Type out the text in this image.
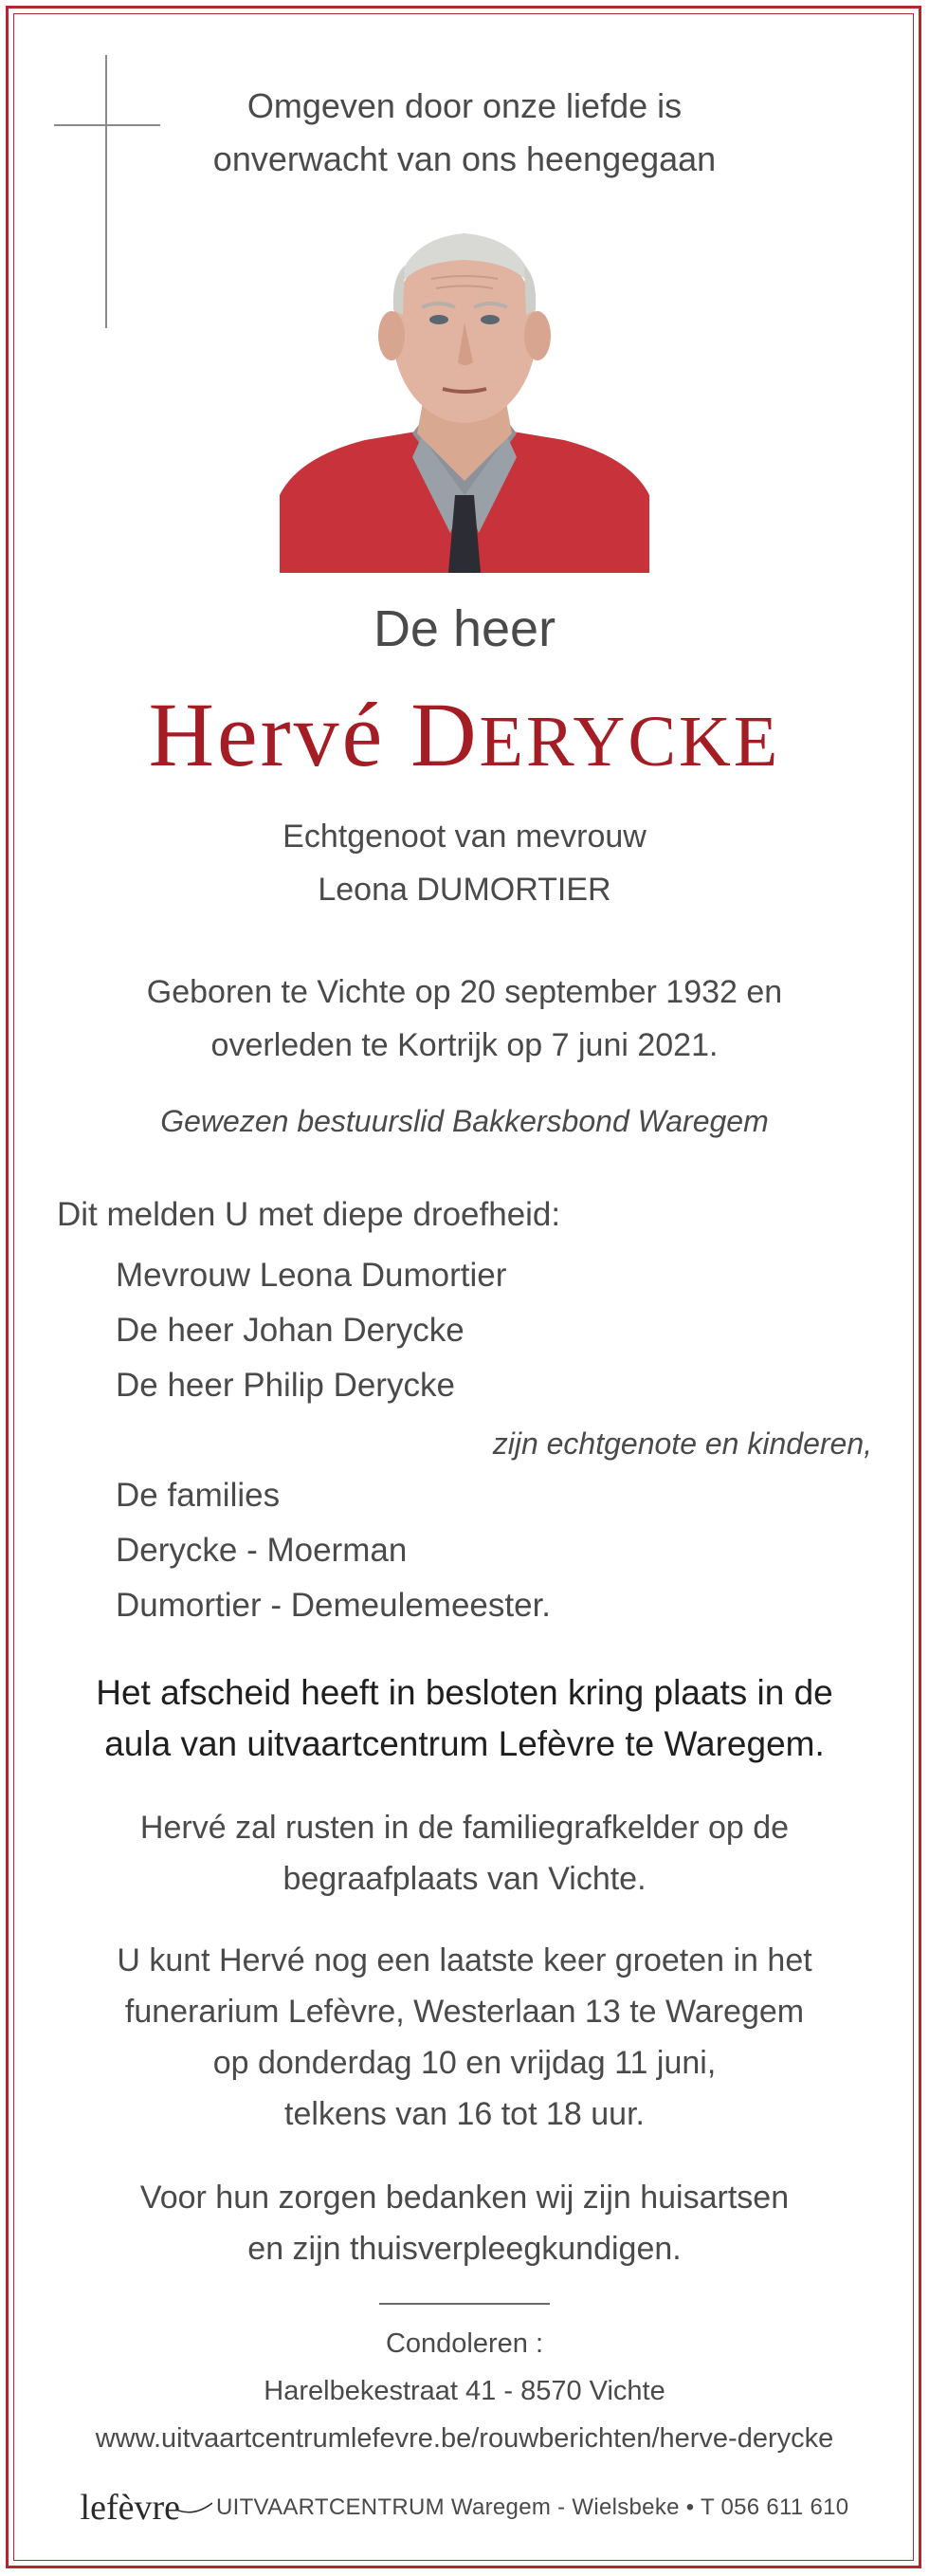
Omgeven door onze liefde is
onverwacht van ons heengegaan
De heer
Hervé DERYCKE
Echtgenoot van mevrouw
Leona DUMORTIER
Geboren te Vichte op 20 september 1932 en
overleden te Kortrijk op 7 juni 2021.
Gewezen bestuurslid Bakkersbond Waregem
Dit melden U met diepe droefheid:
Mevrouw Leona Dumortier
De heer Johan Derycke
De heer Philip Derycke
zijn echtgenote en kinderen,
De families
Derycke - Moerman
Dumortier - Demeulemeester.
Het afscheid heeft in besloten kring plaats in de
aula van uitvaartcentrum Lefèvre te Waregem.
Hervé zal rusten in de familiegrafkelder op de
begraafplaats van Vichte.
U kunt Hervé nog een laatste keer groeten in het
funerarium Lefèvre, Westerlaan 13 te Waregem
op donderdag 10 en vrijdag 11 juni,
telkens van 16 tot 18 uur.
Voor hun zorgen bedanken wij zijn huisartsen
en zijn thuisverpleegkundigen.
Condoleren :
Harelbekestraat 41 - 8570 Vichte
www.uitvaartcentrumlefevre.be/rouwberichten/herve-derycke
lefèvre UITVAARTCENTRUM Waregem - Wielsbeke • T 056 611 610
